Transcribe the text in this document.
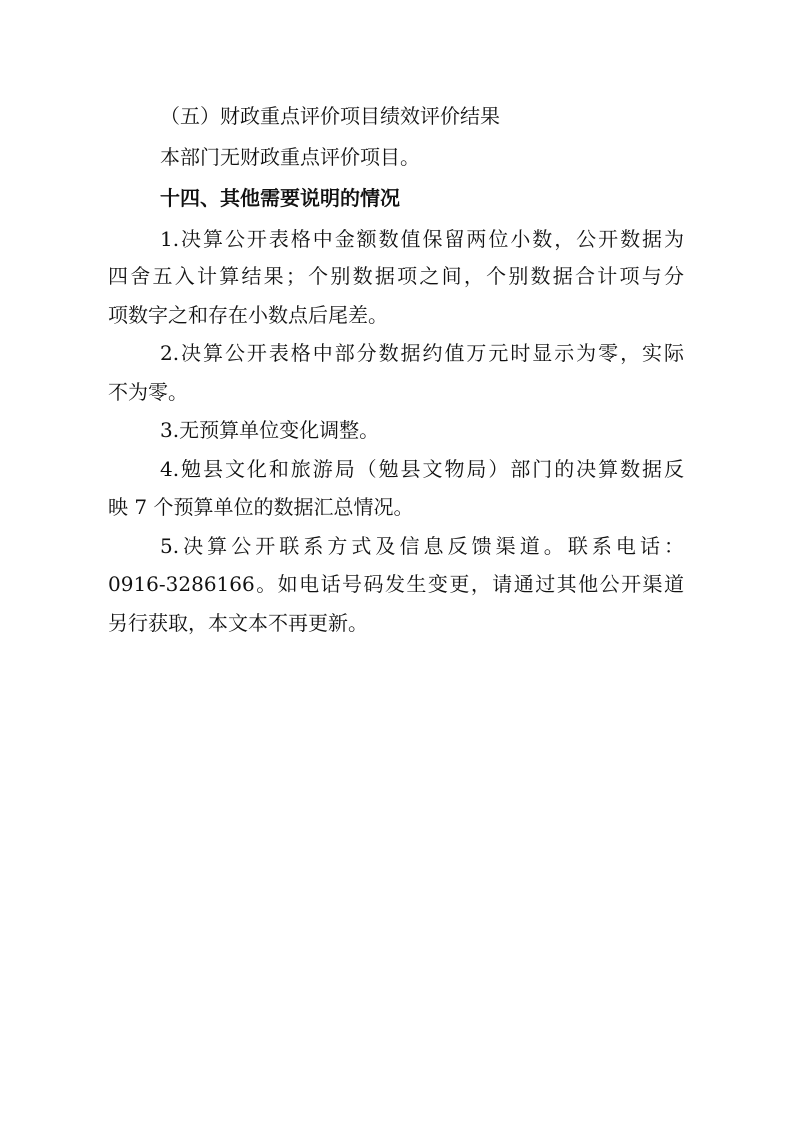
（五）财政重点评价项目绩效评价结果
本部门无财政重点评价项目。
十四、其他需要说明的情况
1.决算公开表格中金额数值保留两位小数，公开数据为
四舍五入计算结果；个别数据项之间，个别数据合计项与分
项数字之和存在小数点后尾差。
2.决算公开表格中部分数据约值万元时显示为零，实际
不为零。
3.无预算单位变化调整。
4.勉县文化和旅游局（勉县文物局）部门的决算数据反
映 7 个预算单位的数据汇总情况。
5.决算公开联系方式及信息反馈渠道。联系电话：
0916-3286166。如电话号码发生变更，请通过其他公开渠道
另行获取，本文本不再更新。
